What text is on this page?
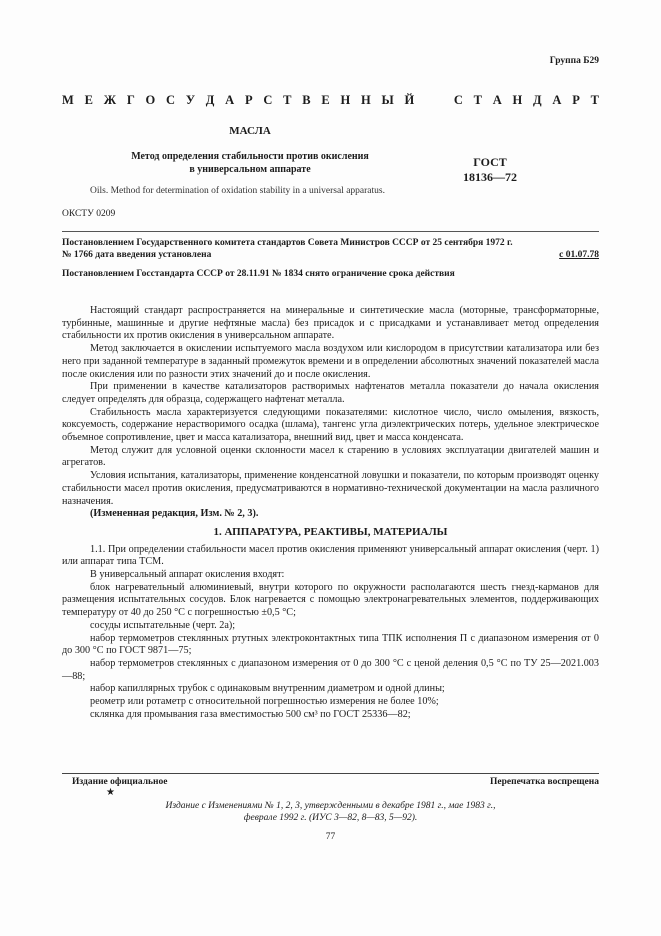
Группа Б29
М Е Ж Г О С У Д А Р С Т В Е Н Н Ы Й	С Т А Н Д А Р Т
МАСЛА
Метод определения стабильности против окисления
в универсальном аппарате
ГОСТ
18136—72
Oils. Method for determination of oxidation stability in a universal apparatus.
ОКСТУ 0209
Постановлением Государственного комитета стандартов Совета Министров СССР от 25 сентября 1972 г.
№ 1766 дата введения установлена	с 01.07.78
Постановлением Госстандарта СССР от 28.11.91 № 1834 снято ограничение срока действия

Настоящий стандарт распространяется на минеральные и синтетические масла (моторные, трансформаторные, турбинные, машинные и другие нефтяные масла) без присадок и с присадками и устанавливает метод определения стабильности их против окисления в универсальном аппарате.

Метод заключается в окислении испытуемого масла воздухом или кислородом в присутствии катализатора или без него при заданной температуре в заданный промежуток времени и в определении абсолютных значений показателей масла после окисления или по разности этих значений до и после окисления.

При применении в качестве катализаторов растворимых нафтенатов металла показатели до начала окисления следует определять для образца, содержащего нафтенат металла.

Стабильность масла характеризуется следующими показателями: кислотное число, число омыления, вязкость, коксуемость, содержание нерастворимого осадка (шлама), тангенс угла диэлектрических потерь, удельное электрическое объемное сопротивление, цвет и масса катализатора, внешний вид, цвет и масса конденсата.

Метод служит для условной оценки склонности масел к старению в условиях эксплуатации двигателей машин и агрегатов.

Условия испытания, катализаторы, применение конденсатной ловушки и показатели, по которым производят оценку стабильности масел против окисления, предусматриваются в нормативно-технической документации на масла различного назначения.

(Измененная редакция, Изм. № 2, 3).

1. АППАРАТУРА, РЕАКТИВЫ, МАТЕРИАЛЫ

1.1. При определении стабильности масел против окисления применяют универсальный аппарат окисления (черт. 1) или аппарат типа ТСМ.

В универсальный аппарат окисления входят:

блок нагревательный алюминиевый, внутри которого по окружности располагаются шесть гнезд-карманов для размещения испытательных сосудов. Блок нагревается с помощью электронагревательных элементов, поддерживающих температуру от 40 до 250 °С с погрешностью ±0,5 °С;

сосуды испытательные (черт. 2а);

набор термометров стеклянных ртутных электроконтактных типа ТПК исполнения П с диапазоном измерения от 0 до 300 °С по ГОСТ 9871—75;

набор термометров стеклянных с диапазоном измерения от 0 до 300 °С с ценой деления 0,5 °С по ТУ 25—2021.003—88;

набор капиллярных трубок с одинаковым внутренним диаметром и одной длины;

реометр или ротаметр с относительной погрешностью измерения не более 10%;

склянка для промывания газа вместимостью 500 см³ по ГОСТ 25336—82;

Издание официальное
★
Перепечатка воспрещена
Издание с Изменениями № 1, 2, 3, утвержденными в декабре 1981 г., мае 1983 г.,
феврале 1992 г. (ИУС 3—82, 8—83, 5—92).
77
